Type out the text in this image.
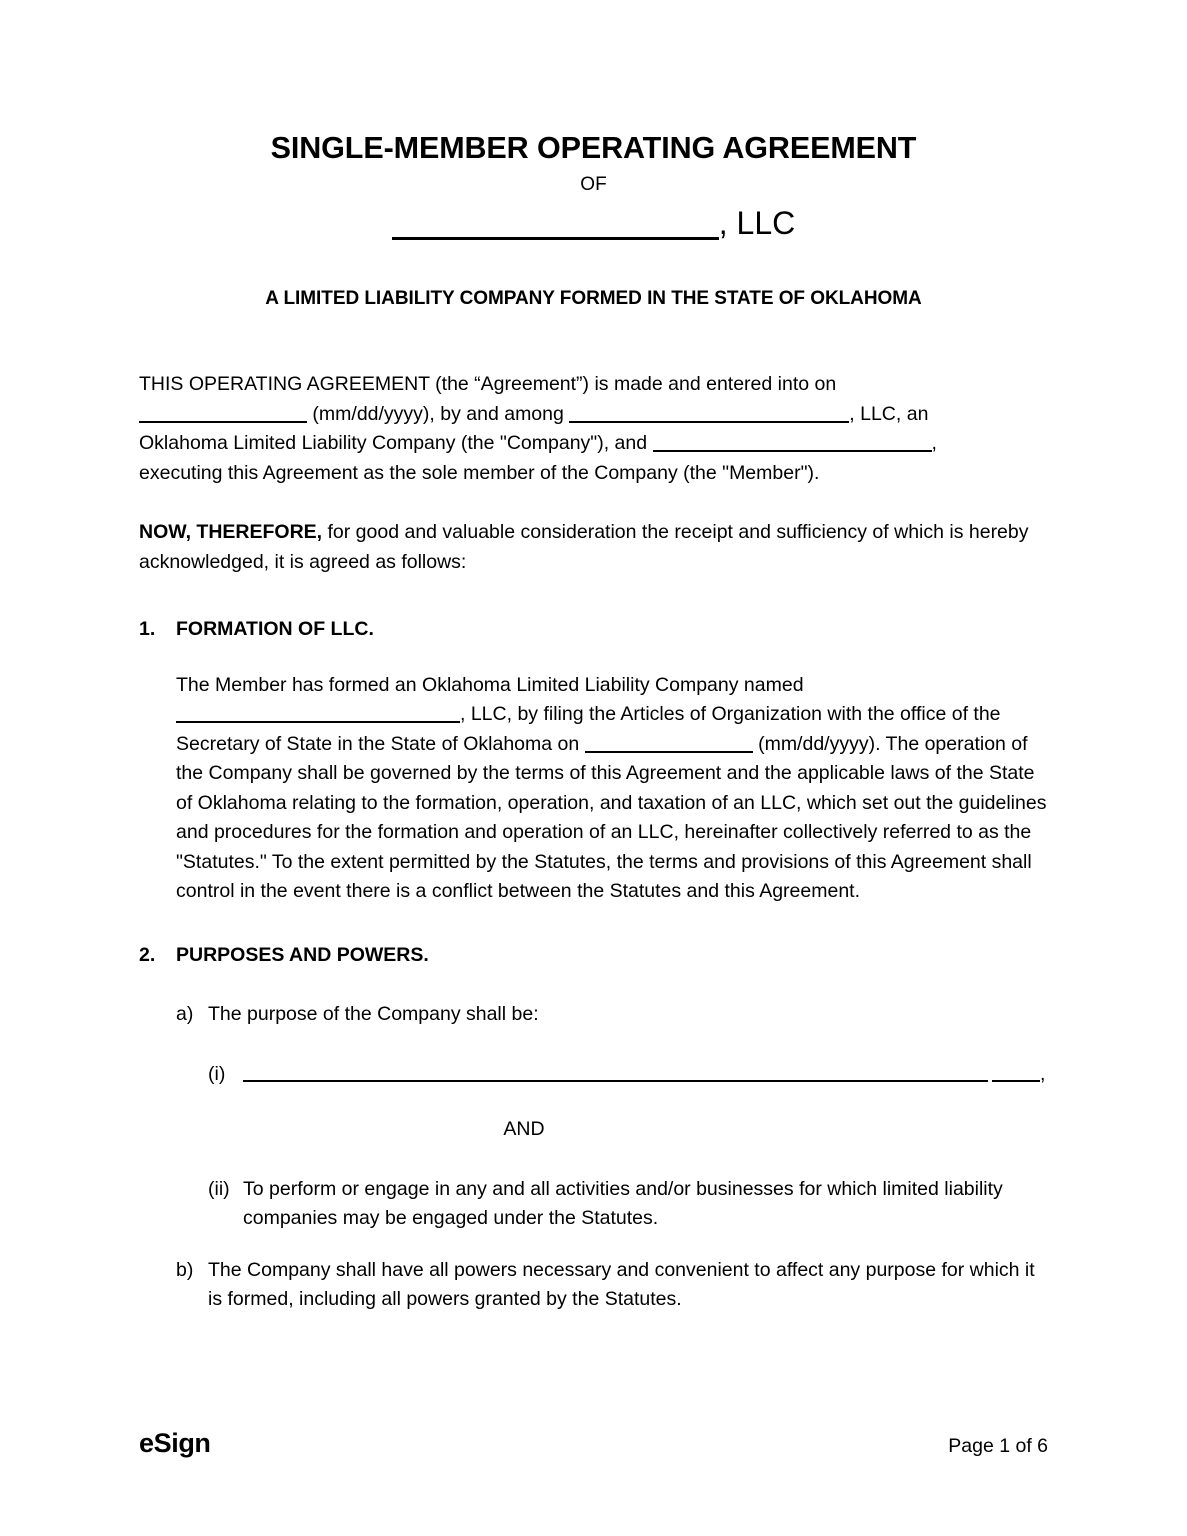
SINGLE-MEMBER OPERATING AGREEMENT
OF
, LLC
A LIMITED LIABILITY COMPANY FORMED IN THE STATE OF OKLAHOMA

THIS OPERATING AGREEMENT (the “Agreement”) is made and entered into on
(mm/dd/yyyy), by and among	, LLC, an
Oklahoma Limited Liability Company (the "Company"), and	,
executing this Agreement as the sole member of the Company (the "Member").

NOW, THEREFORE, for good and valuable consideration the receipt and sufficiency of which is hereby acknowledged, it is agreed as follows:

1. FORMATION OF LLC.
The Member has formed an Oklahoma Limited Liability Company named
, LLC, by filing the Articles of Organization with the office of the Secretary of State in the State of Oklahoma on	(mm/dd/yyyy). The operation of the Company shall be governed by the terms of this Agreement and the applicable laws of the State of Oklahoma relating to the formation, operation, and taxation of an LLC, which set out the guidelines and procedures for the formation and operation of an LLC, hereinafter collectively referred to as the "Statutes." To the extent permitted by the Statutes, the terms and provisions of this Agreement shall control in the event there is a conflict between the Statutes and this Agreement.
2. PURPOSES AND POWERS.
a) The purpose of the Company shall be:
(i)	,
AND
(ii) To perform or engage in any and all activities and/or businesses for which limited liability companies may be engaged under the Statutes.
b) The Company shall have all powers necessary and convenient to affect any purpose for which it is formed, including all powers granted by the Statutes.
eSign	Page 1 of 6
